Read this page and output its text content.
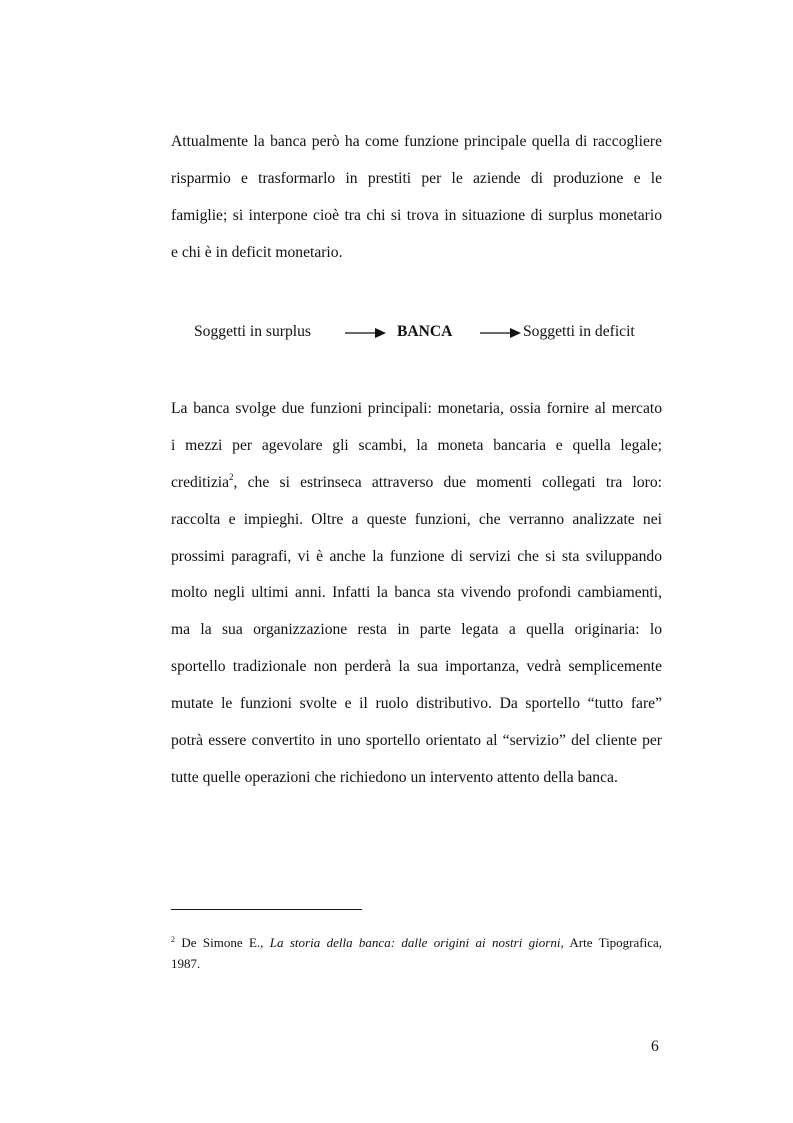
Attualmente la banca però ha come funzione principale quella di raccogliere
risparmio e trasformarlo in prestiti per le aziende di produzione e le
famiglie; si interpone cioè tra chi si trova in situazione di surplus monetario
e chi è in deficit monetario.
Soggetti in surplus	BANCA	Soggetti in deficit
La banca svolge due funzioni principali: monetaria, ossia fornire al mercato
i mezzi per agevolare gli scambi, la moneta bancaria e quella legale;
creditizia$^2$, che si estrinseca attraverso due momenti collegati tra loro:
raccolta e impieghi. Oltre a queste funzioni, che verranno analizzate nei
prossimi paragrafi, vi è anche la funzione di servizi che si sta sviluppando
molto negli ultimi anni. Infatti la banca sta vivendo profondi cambiamenti,
ma la sua organizzazione resta in parte legata a quella originaria: lo
sportello tradizionale non perderà la sua importanza, vedrà semplicemente
mutate le funzioni svolte e il ruolo distributivo. Da sportello “tutto fare”
potrà essere convertito in uno sportello orientato al “servizio” del cliente per
tutte quelle operazioni che richiedono un intervento attento della banca.
$^2$ De Simone E., La storia della banca: dalle origini ai nostri giorni, Arte Tipografica,
1987.
6
